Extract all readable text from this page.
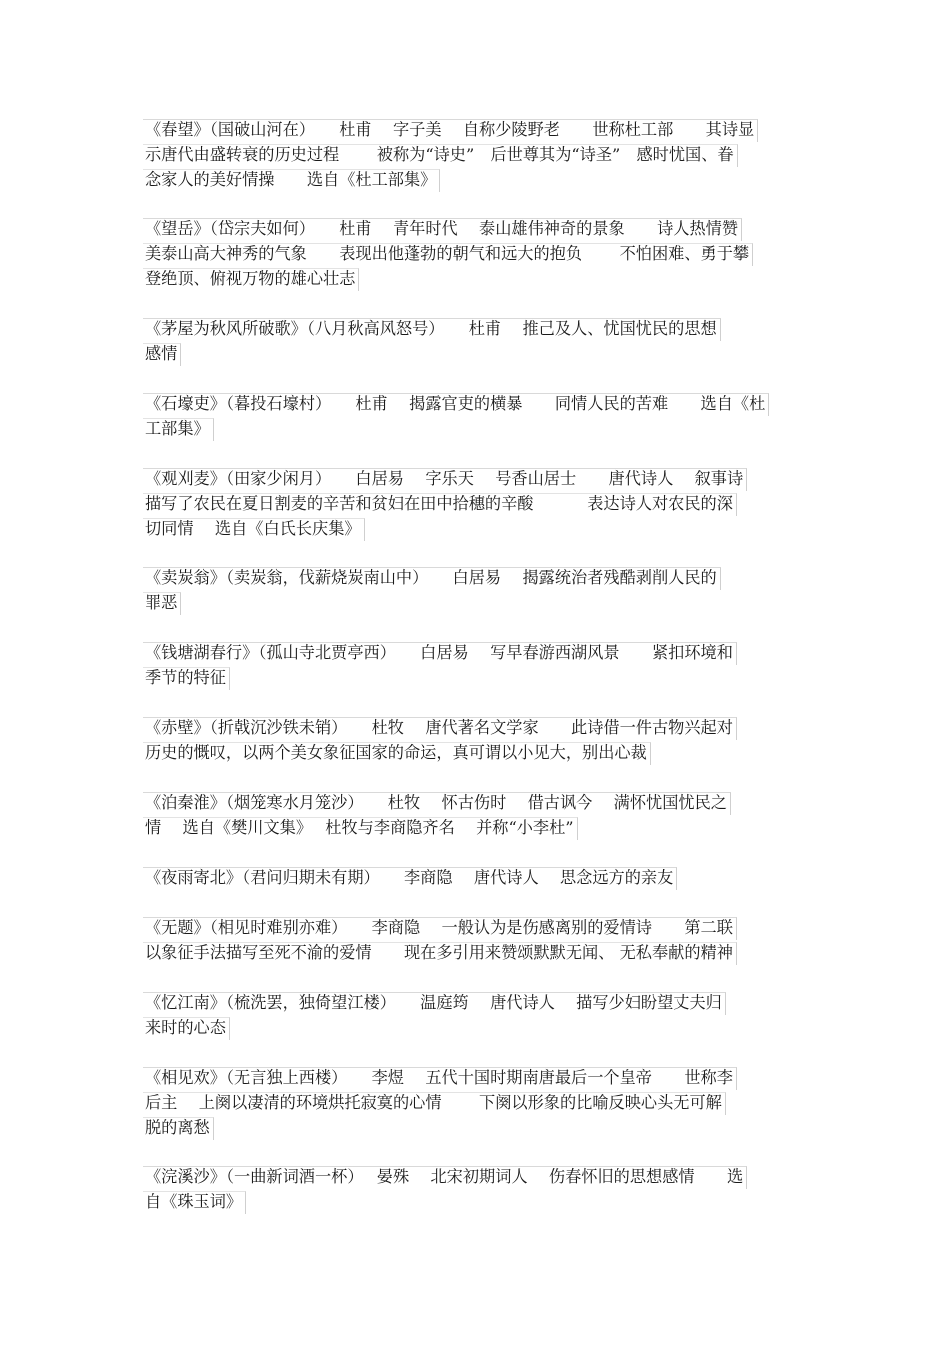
《春望》（国破山河在）　　杜甫　 字子美　 自称少陵野老　　世称杜工部　　其诗显
示唐代由盛转衰的历史过程　　 被称为“诗史”　后世尊其为“诗圣”　感时忧国、眷
念家人的美好情操　　选自《杜工部集》
《望岳》（岱宗夫如何）　　杜甫　 青年时代　 泰山雄伟神奇的景象　　诗人热情赞
美泰山高大神秀的气象　　表现出他蓬勃的朝气和远大的抱负　　 不怕困难、勇于攀
登绝顶、俯视万物的雄心壮志
《茅屋为秋风所破歌》（八月秋高风怒号）　　杜甫　 推己及人、忧国忧民的思想
感情
《石壕吏》（暮投石壕村）　　杜甫　 揭露官吏的横暴　　同情人民的苦难　　选自《杜
工部集》
《观刈麦》（田家少闲月）　　白居易　 字乐天　 号香山居士　　唐代诗人　 叙事诗
描写了农民在夏日割麦的辛苦和贫妇在田中拾穗的辛酸　　　 表达诗人对农民的深
切同情　 选自《白氏长庆集》
《卖炭翁》（卖炭翁，伐薪烧炭南山中）　　白居易　 揭露统治者残酷剥削人民的
罪恶
《钱塘湖春行》（孤山寺北贾亭西）　　白居易　 写早春游西湖风景　　紧扣环境和
季节的特征
《赤壁》（折戟沉沙铁未销）　　杜牧　 唐代著名文学家　　此诗借一件古物兴起对
历史的慨叹，以两个美女象征国家的命运，真可谓以小见大，别出心裁
《泊秦淮》（烟笼寒水月笼沙）　　杜牧　 怀古伤时　 借古讽今　 满怀忧国忧民之
情　 选自《樊川文集》　 杜牧与李商隐齐名　 并称“小李杜”
《夜雨寄北》（君问归期未有期）　　李商隐　 唐代诗人　 思念远方的亲友
《无题》（相见时难别亦难）　　李商隐　 一般认为是伤感离别的爱情诗　　第二联
以象征手法描写至死不渝的爱情　　现在多引用来赞颂默默无闻、 无私奉献的精神
《忆江南》（梳洗罢，独倚望江楼）　　温庭筠　 唐代诗人　 描写少妇盼望丈夫归
来时的心态
《相见欢》（无言独上西楼）　　李煜　 五代十国时期南唐最后一个皇帝　　世称李
后主　 上阕以凄清的环境烘托寂寞的心情　　 下阕以形象的比喻反映心头无可解
脱的离愁
《浣溪沙》（一曲新词酒一杯）　 晏殊　 北宋初期词人　 伤春怀旧的思想感情　　选
自《珠玉词》
